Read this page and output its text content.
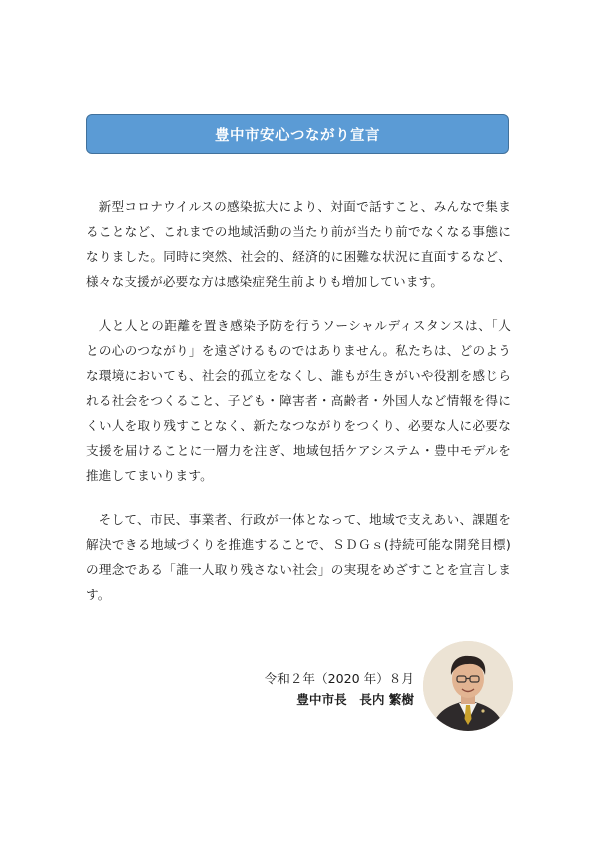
豊中市安心つながり宣言

新型コロナウイルスの感染拡大により、対面で話すこと、みんなで集まることなど、これまでの地域活動の当たり前が当たり前でなくなる事態になりました。同時に突然、社会的、経済的に困難な状況に直面するなど、様々な支援が必要な方は感染症発生前よりも増加しています。

人と人との距離を置き感染予防を行うソーシャルディスタンスは、「人との心のつながり」を遠ざけるものではありません。私たちは、どのような環境においても、社会的孤立をなくし、誰もが生きがいや役割を感じられる社会をつくること、子ども・障害者・高齢者・外国人など情報を得にくい人を取り残すことなく、新たなつながりをつくり、必要な人に必要な支援を届けることに一層力を注ぎ、地域包括ケアシステム・豊中モデルを推進してまいります。

そして、市民、事業者、行政が一体となって、地域で支えあい、課題を解決できる地域づくりを推進することで、ＳＤＧｓ(持続可能な開発目標)の理念である「誰一人取り残さない社会」の実現をめざすことを宣言します。

令和２年（2020 年）８月
豊中市長　長内 繁樹
